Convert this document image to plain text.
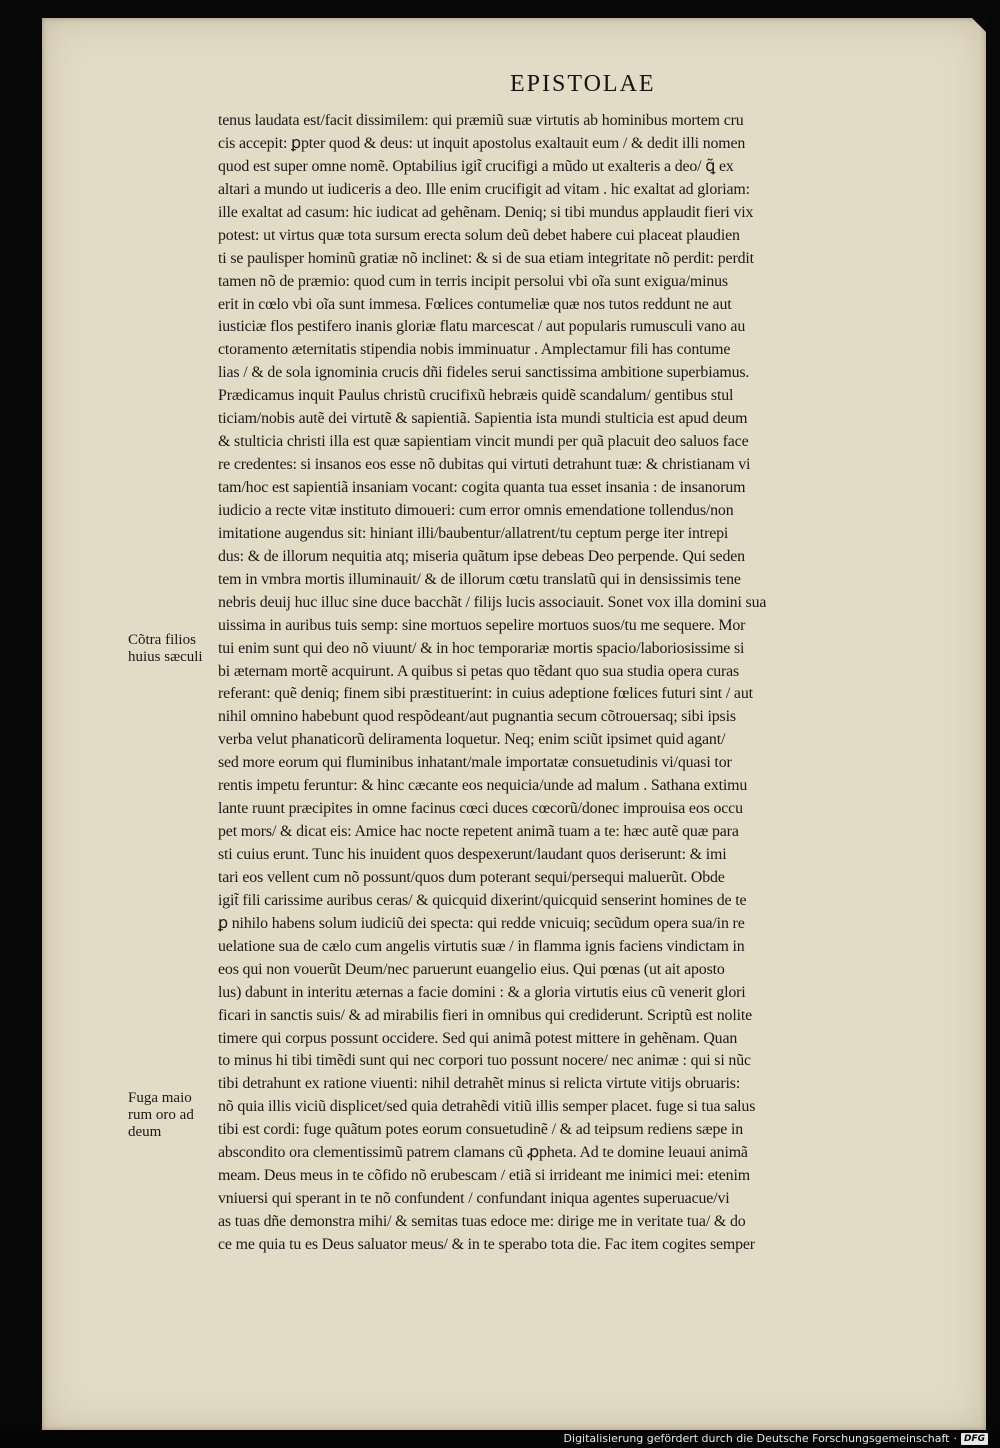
EPISTOLAE
tenus laudata est/facit dissimilem: qui præmiũ suæ virtutis ab hominibus mortem cru
cis accepit: ꝑpter quod & deus: ut inquit apostolus exaltauit eum / & dedit illi nomen
quod est super omne nomẽ. Optabilius igit̃ crucifigi a mũdo ut exalteris a deo/ ꝗ̃ ex
altari a mundo ut iudiceris a deo. Ille enim crucifigit ad vitam . hic exaltat ad gloriam:
ille exaltat ad casum: hic iudicat ad gehẽnam. Deniq; si tibi mundus applaudit fieri vix
potest: ut virtus quæ tota sursum erecta solum deũ debet habere cui placeat plaudien
ti se paulisper hominũ gratiæ nõ inclinet: & si de sua etiam integritate nõ perdit: perdit
tamen nõ de præmio: quod cum in terris incipit persolui vbi oĩa sunt exigua/minus
erit in cœlo vbi oĩa sunt immesa. Fœlices contumeliæ quæ nos tutos reddunt ne aut
iusticiæ flos pestifero inanis gloriæ flatu marcescat / aut popularis rumusculi vano au
ctoramento æternitatis stipendia nobis imminuatur . Amplectamur fili has contume
lias / & de sola ignominia crucis dñi fideles serui sanctissima ambitione superbiamus.
Prædicamus inquit Paulus christũ crucifixũ hebræis quidẽ scandalum/ gentibus stul
ticiam/nobis autẽ dei virtutẽ & sapientiã. Sapientia ista mundi stulticia est apud deum
& stulticia christi illa est quæ sapientiam vincit mundi per quã placuit deo saluos face
re credentes: si insanos eos esse nõ dubitas qui virtuti detrahunt tuæ: & christianam vi
tam/hoc est sapientiã insaniam vocant: cogita quanta tua esset insania : de insanorum
iudicio a recte vitæ instituto dimoueri: cum error omnis emendatione tollendus/non
imitatione augendus sit: hiniant illi/baubentur/allatrent/tu ceptum perge iter intrepi
dus: & de illorum nequitia atq; miseria quãtum ipse debeas Deo perpende. Qui seden
tem in vmbra mortis illuminauit/ & de illorum cœtu translatũ qui in densissimis tene
nebris deuij huc illuc sine duce bacchãt / filijs lucis associauit. Sonet vox illa domini sua
uissima in auribus tuis semp: sine mortuos sepelire mortuos suos/tu me sequere. Mor
tui enim sunt qui deo nõ viuunt/ & in hoc temporariæ mortis spacio/laboriosissime si
bi æternam mortẽ acquirunt. A quibus si petas quo tẽdant quo sua studia opera curas
referant: quẽ deniq; finem sibi præstituerint: in cuius adeptione fœlices futuri sint / aut
nihil omnino habebunt quod respõdeant/aut pugnantia secum cõtrouersaq; sibi ipsis
verba velut phanaticorũ deliramenta loquetur. Neq; enim sciũt ipsimet quid agant/
sed more eorum qui fluminibus inhatant/male importatæ consuetudinis vi/quasi tor
rentis impetu feruntur: & hinc cæcante eos nequicia/unde ad malum . Sathana extimu
lante ruunt præcipites in omne facinus cœci duces cœcorũ/donec improuisa eos occu
pet mors/ & dicat eis: Amice hac nocte repetent animã tuam a te: hæc autẽ quæ para
sti cuius erunt. Tunc his inuident quos despexerunt/laudant quos deriserunt: & imi
tari eos vellent cum nõ possunt/quos dum poterant sequi/persequi maluerũt. Obde
igit̃ fili carissime auribus ceras/ & quicquid dixerint/quicquid senserint homines de te
ꝑ nihilo habens solum iudiciũ dei specta: qui redde vnicuiq; secũdum opera sua/in re
uelatione sua de cælo cum angelis virtutis suæ / in flamma ignis faciens vindictam in
eos qui non vouerũt Deum/nec paruerunt euangelio eius. Qui pœnas (ut ait aposto
lus) dabunt in interitu æternas a facie domini : & a gloria virtutis eius cũ venerit glori
ficari in sanctis suis/ & ad mirabilis fieri in omnibus qui crediderunt. Scriptũ est nolite
timere qui corpus possunt occidere. Sed qui animã potest mittere in gehẽnam. Quan
to minus hi tibi timẽdi sunt qui nec corpori tuo possunt nocere/ nec animæ : qui si nũc
tibi detrahunt ex ratione viuenti: nihil detrahẽt minus si relicta virtute vitijs obruaris:
nõ quia illis viciũ displicet/sed quia detrahẽdi vitiũ illis semper placet. fuge si tua salus
tibi est cordi: fuge quãtum potes eorum consuetudinẽ / & ad teipsum rediens sæpe in
abscondito ora clementissimũ patrem clamans cũ ꝓpheta. Ad te domine leuaui animã
meam. Deus meus in te cõfido nõ erubescam / etiã si irrideant me inimici mei: etenim
vniuersi qui sperant in te nõ confundent / confundant iniqua agentes superuacue/vi
as tuas dñe demonstra mihi/ & semitas tuas edoce me: dirige me in veritate tua/ & do
ce me quia tu es Deus saluator meus/ & in te sperabo tota die. Fac item cogites semper
Cõtra filios
huius sæculi
Fuga maio
rum oro ad
deum
Digitalisierung gefördert durch die Deutsche Forschungsgemeinschaft · DFG
